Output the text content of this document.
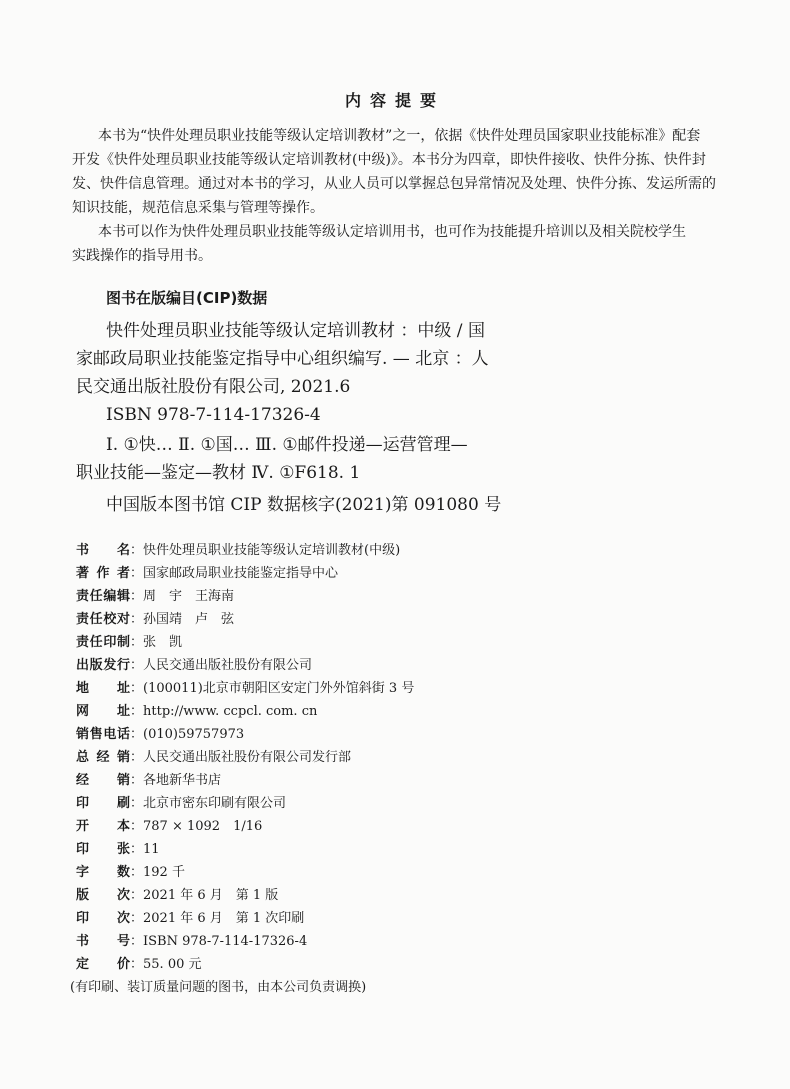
内容提要
本书为“快件处理员职业技能等级认定培训教材”之一，依据《快件处理员国家职业技能标准》配套
开发《快件处理员职业技能等级认定培训教材(中级)》。本书分为四章，即快件接收、快件分拣、快件封
发、快件信息管理。通过对本书的学习，从业人员可以掌握总包异常情况及处理、快件分拣、发运所需的
知识技能，规范信息采集与管理等操作。
本书可以作为快件处理员职业技能等级认定培训用书，也可作为技能提升培训以及相关院校学生
实践操作的指导用书。
图书在版编目(CIP)数据
快件处理员职业技能等级认定培训教材 ：中级 / 国
家邮政局职业技能鉴定指导中心组织编写. — 北京 ：人
民交通出版社股份有限公司, 2021.6
ISBN 978-7-114-17326-4
Ⅰ. ①快… Ⅱ. ①国… Ⅲ. ①邮件投递—运营管理—
职业技能—鉴定—教材 Ⅳ. ①F618. 1
中国版本图书馆 CIP 数据核字(2021)第 091080 号
书名：快件处理员职业技能等级认定培训教材(中级)
著作者：国家邮政局职业技能鉴定指导中心
责任编辑：周　宇　王海南
责任校对：孙国靖　卢　弦
责任印制：张　凯
出版发行：人民交通出版社股份有限公司
地址：(100011)北京市朝阳区安定门外外馆斜街 3 号
网址：http://www. ccpcl. com. cn
销售电话：(010)59757973
总经销：人民交通出版社股份有限公司发行部
经销：各地新华书店
印刷：北京市密东印刷有限公司
开本：787 × 1092　1/16
印张：11
字数：192 千
版次：2021 年 6 月　第 1 版
印次：2021 年 6 月　第 1 次印刷
书号：ISBN 978-7-114-17326-4
定价：55. 00 元
(有印刷、装订质量问题的图书，由本公司负责调换)
